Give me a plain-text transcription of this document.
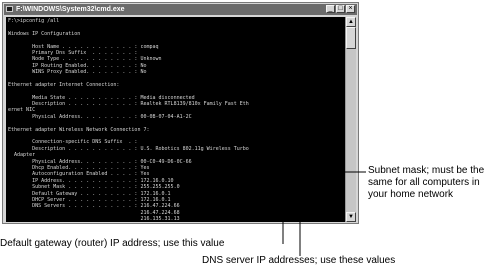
F:\WINDOWS\System32\cmd.exe	_ □ ×
F:\>ipconfig /all
Windows IP Configuration
Host Name . . . . . . . . . . . . : compaq
Primary Dns Suffix  . . . . . . . :
Node Type . . . . . . . . . . . . : Unknown
IP Routing Enabled. . . . . . . . : No
WINS Proxy Enabled. . . . . . . . : No
Ethernet adapter Internet Connection:
Media State . . . . . . . . . . . : Media disconnected
Description . . . . . . . . . . . : Realtek RTL8139/810x Family Fast Eth
ernet NIC
Physical Address. . . . . . . . . : 00-0B-07-04-A1-2C
Ethernet adapter Wireless Network Connection 7:
Connection-specific DNS Suffix  . :
Description . . . . . . . . . . . : U.S. Robotics 802.11g Wireless Turbo
Adapter
Physical Address. . . . . . . . . : 00-C0-49-D6-0C-66
Dhcp Enabled. . . . . . . . . . . : Yes
Autoconfiguration Enabled . . . . : Yes
IP Address. . . . . . . . . . . . : 172.16.0.10
Subnet Mask . . . . . . . . . . . : 255.255.255.0
Default Gateway . . . . . . . . . : 172.16.0.1
DHCP Server . . . . . . . . . . . : 172.16.0.1
DNS Servers . . . . . . . . . . . : 216.47.224.66
216.47.224.68
216.135.31.13
▲
▼
Subnet mask; must be the same for all computers in your home network
Default gateway (router) IP address; use this value
DNS server IP addresses; use these values
